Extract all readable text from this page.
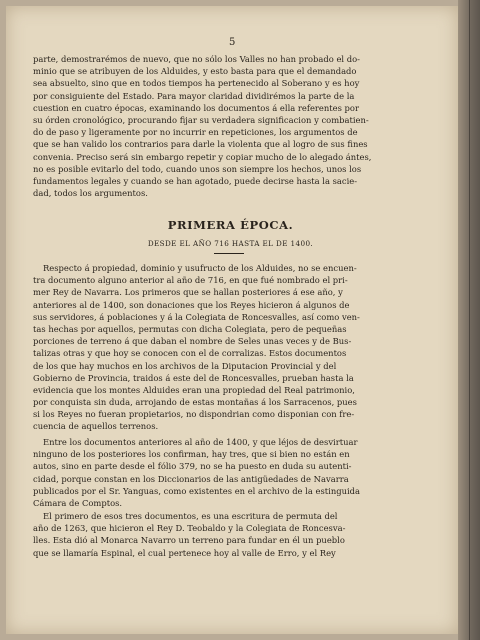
5
parte, demostrarémos de nuevo, que no sólo los Valles no han probado el do-
minio que se atribuyen de los Alduides, y esto basta para que el demandado
sea absuelto, sino que en todos tiempos ha pertenecido al Soberano y es hoy
por consiguiente del Estado. Para mayor claridad dividirémos la parte de la
cuestion en cuatro épocas, examinando los documentos á ella referentes por
su órden cronológico, procurando fijar su verdadera significacion y combatien-
do de paso y ligeramente por no incurrir en repeticiones, los argumentos de
que se han valido los contrarios para darle la violenta que al logro de sus fines
convenia. Preciso será sin embargo repetir y copiar mucho de lo alegado ántes,
no es posible evitarlo del todo, cuando unos son siempre los hechos, unos los
fundamentos legales y cuando se han agotado, puede decirse hasta la sacie-
dad, todos los argumentos.
PRIMERA ÉPOCA.
DESDE EL AÑO 716 HASTA EL DE 1400.
Respecto á propiedad, dominio y usufructo de los Alduides, no se encuen-
tra documento alguno anterior al año de 716, en que fué nombrado el pri-
mer Rey de Navarra. Los primeros que se hallan posteriores á ese año, y
anteriores al de 1400, son donaciones que los Reyes hicieron á algunos de
sus servidores, á poblaciones y á la Colegiata de Roncesvalles, así como ven-
tas hechas por aquellos, permutas con dicha Colegiata, pero de pequeñas
porciones de terreno á que daban el nombre de Seles unas veces y de Bus-
talizas otras y que hoy se conocen con el de corralizas. Estos documentos
de los que hay muchos en los archivos de la Diputacion Provincial y del
Gobierno de Provincia, traidos á este del de Roncesvalles, prueban hasta la
evidencia que los montes Alduides eran una propiedad del Real patrimonio,
por conquista sin duda, arrojando de estas montañas á los Sarracenos, pues
si los Reyes no fueran propietarios, no dispondrian como disponian con fre-
cuencia de aquellos terrenos.
Entre los documentos anteriores al año de 1400, y que léjos de desvirtuar
ninguno de los posteriores los confirman, hay tres, que si bien no están en
autos, sino en parte desde el fólio 379, no se ha puesto en duda su autenti-
cidad, porque constan en los Diccionarios de las antigüedades de Navarra
publicados por el Sr. Yanguas, como existentes en el archivo de la estinguida
Cámara de Comptos.
El primero de esos tres documentos, es una escritura de permuta del
año de 1263, que hicieron el Rey D. Teobaldo y la Colegiata de Roncesva-
lles. Esta dió al Monarca Navarro un terreno para fundar en él un pueblo
que se llamaría Espinal, el cual pertenece hoy al valle de Erro, y el Rey
